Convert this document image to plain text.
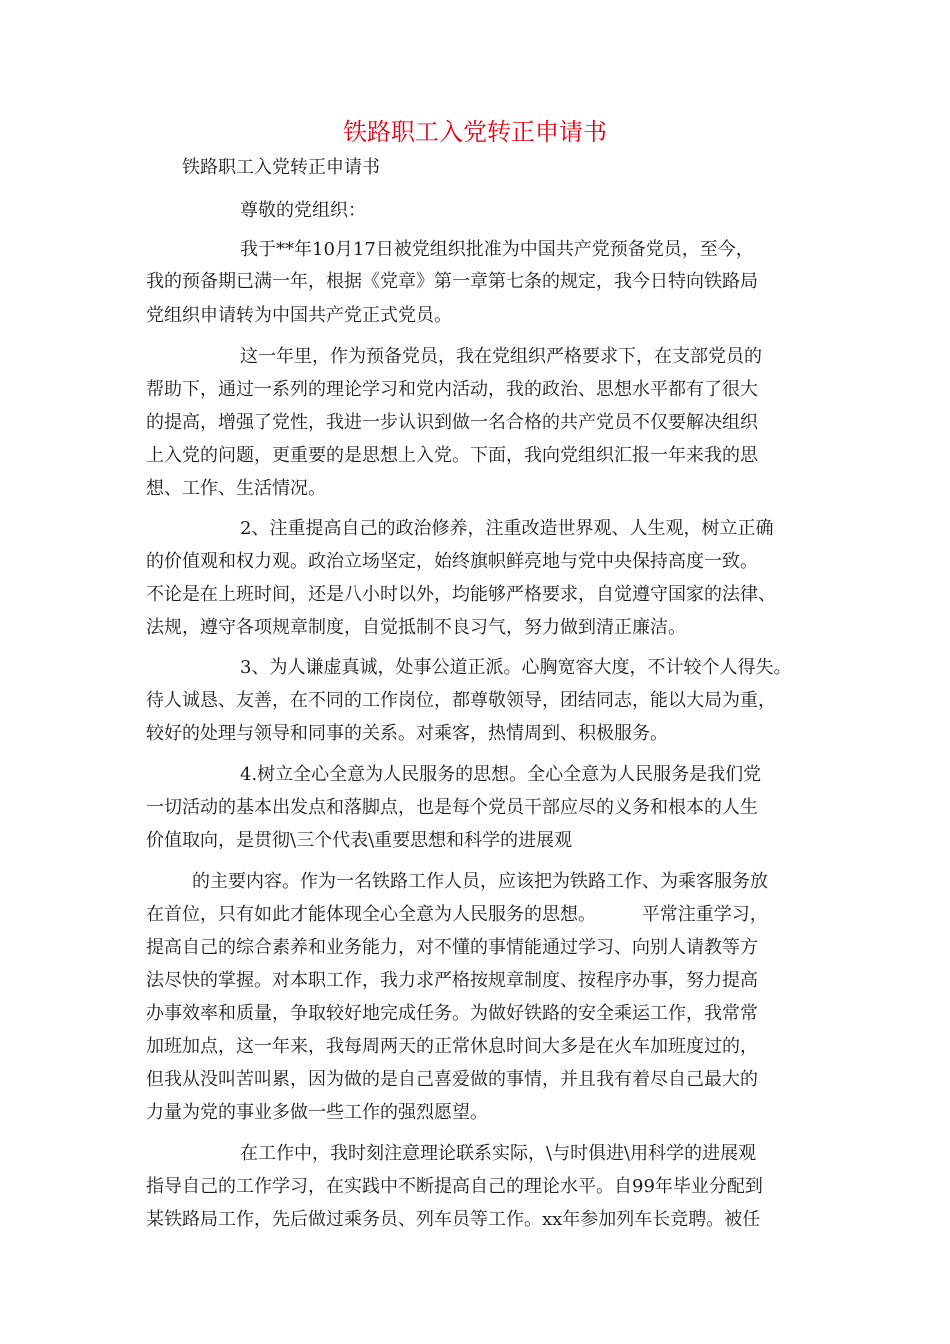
铁路职工入党转正申请书

铁路职工入党转正申请书

尊敬的党组织：

我于**年10月17日被党组织批准为中国共产党预备党员，至今，

我的预备期已满一年，根据《党章》第一章第七条的规定，我今日特向铁路局

党组织申请转为中国共产党正式党员。

这一年里，作为预备党员，我在党组织严格要求下，在支部党员的

帮助下，通过一系列的理论学习和党内活动，我的政治、思想水平都有了很大

的提高，增强了党性，我进一步认识到做一名合格的共产党员不仅要解决组织

上入党的问题，更重要的是思想上入党。下面，我向党组织汇报一年来我的思

想、工作、生活情况。

2、注重提高自己的政治修养，注重改造世界观、人生观，树立正确

的价值观和权力观。政治立场坚定，始终旗帜鲜亮地与党中央保持高度一致。

不论是在上班时间，还是八小时以外，均能够严格要求，自觉遵守国家的法律、

法规，遵守各项规章制度，自觉抵制不良习气，努力做到清正廉洁。

3、为人谦虚真诚，处事公道正派。心胸宽容大度，不计较个人得失。

待人诚恳、友善，在不同的工作岗位，都尊敬领导，团结同志，能以大局为重，

较好的处理与领导和同事的关系。对乘客，热情周到、积极服务。

4.树立全心全意为人民服务的思想。全心全意为人民服务是我们党

一切活动的基本出发点和落脚点，也是每个党员干部应尽的义务和根本的人生

价值取向，是贯彻\三个代表\重要思想和科学的进展观

的主要内容。作为一名铁路工作人员，应该把为铁路工作、为乘客服务放

在首位，只有如此才能体现全心全意为人民服务的思想。        平常注重学习，

提高自己的综合素养和业务能力，对不懂的事情能通过学习、向别人请教等方

法尽快的掌握。对本职工作，我力求严格按规章制度、按程序办事，努力提高

办事效率和质量，争取较好地完成任务。为做好铁路的安全乘运工作，我常常

加班加点，这一年来，我每周两天的正常休息时间大多是在火车加班度过的，

但我从没叫苦叫累，因为做的是自己喜爱做的事情，并且我有着尽自己最大的

力量为党的事业多做一些工作的强烈愿望。

在工作中，我时刻注意理论联系实际，\与时俱进\用科学的进展观

指导自己的工作学习，在实践中不断提高自己的理论水平。自99年毕业分配到

某铁路局工作，先后做过乘务员、列车员等工作。xx年参加列车长竞聘。被任
